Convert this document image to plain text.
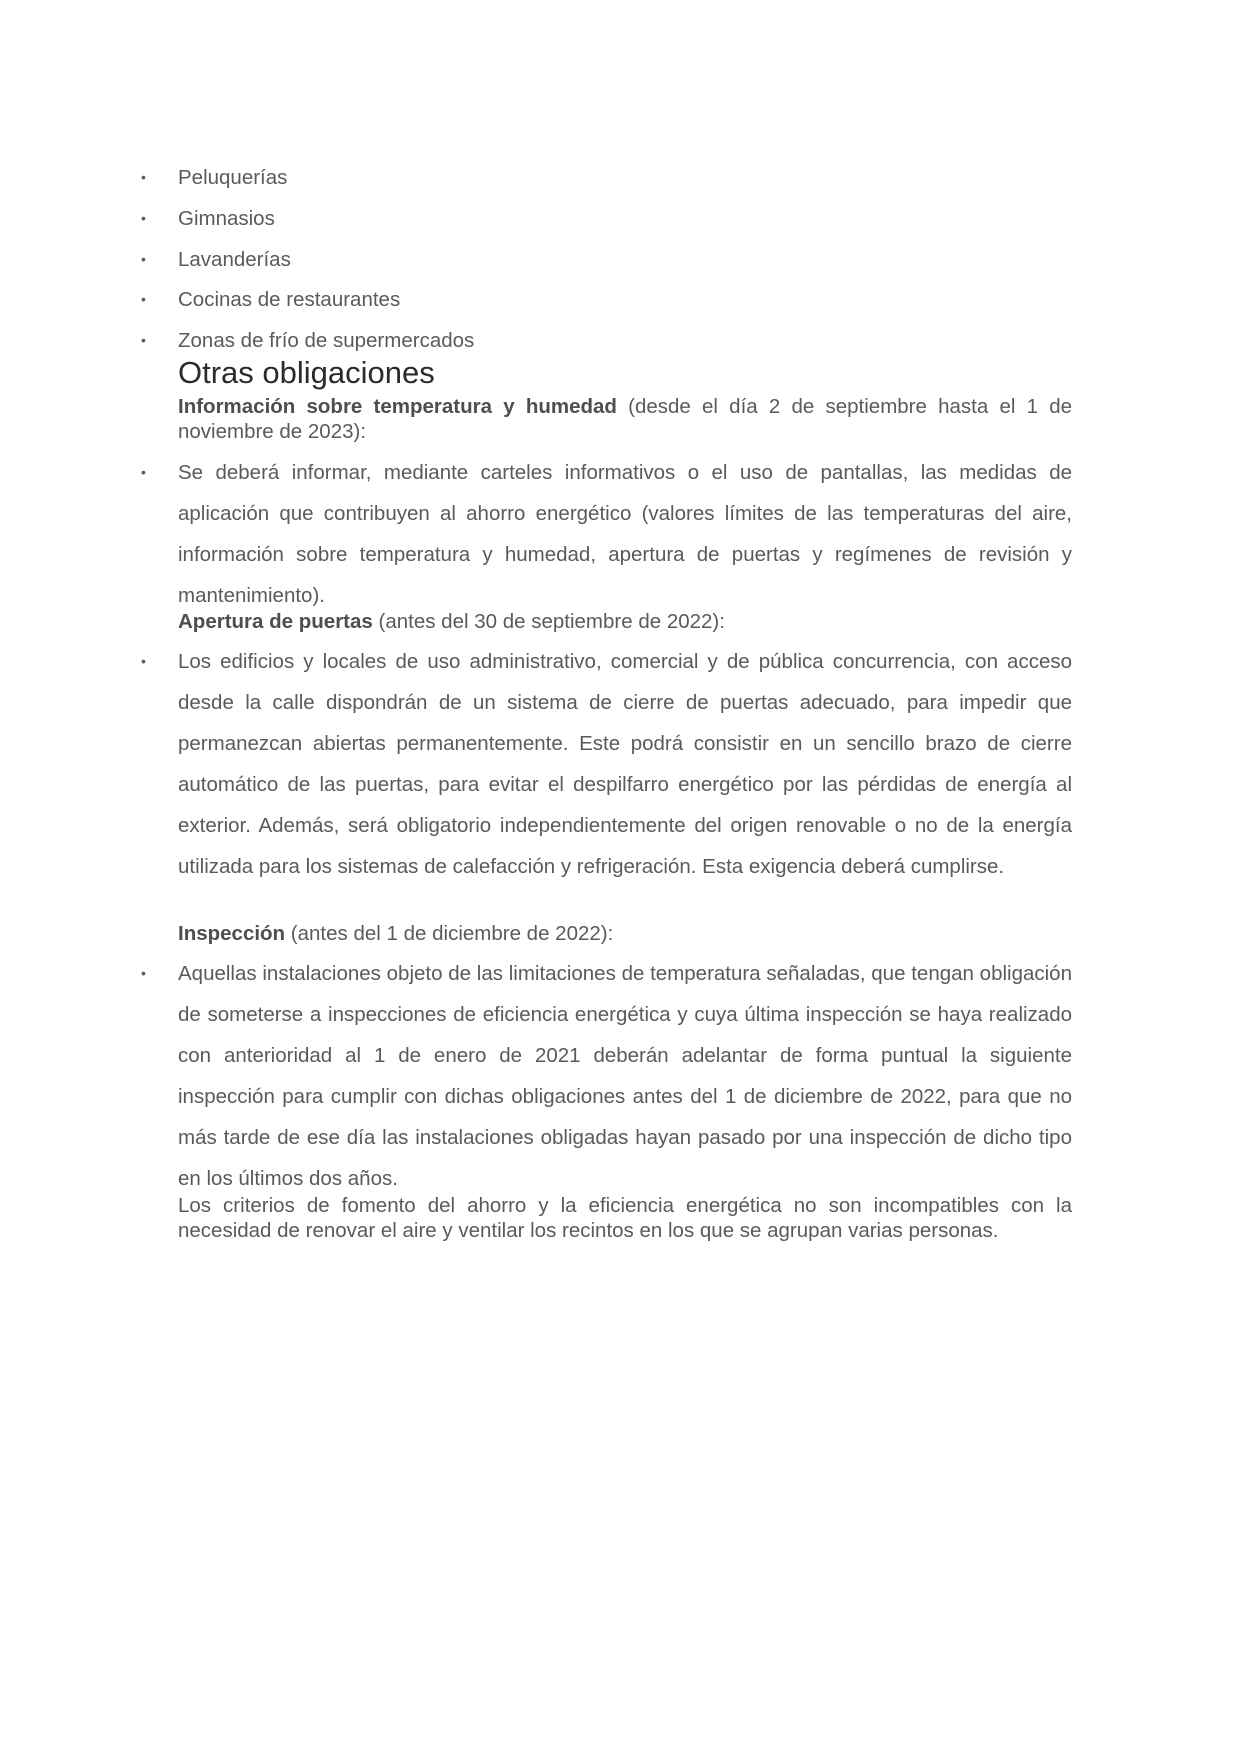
• Peluquerías
• Gimnasios
• Lavanderías
• Cocinas de restaurantes
• Zonas de frío de supermercados
Otras obligaciones
Información sobre temperatura y humedad (desde el día 2 de septiembre hasta el 1 de noviembre de 2023):
• Se deberá informar, mediante carteles informativos o el uso de pantallas, las medidas de aplicación que contribuyen al ahorro energético (valores límites de las temperaturas del aire, información sobre temperatura y humedad, apertura de puertas y regímenes de revisión y mantenimiento).
Apertura de puertas (antes del 30 de septiembre de 2022):
• Los edificios y locales de uso administrativo, comercial y de pública concurrencia, con acceso desde la calle dispondrán de un sistema de cierre de puertas adecuado, para impedir que permanezcan abiertas permanentemente. Este podrá consistir en un sencillo brazo de cierre automático de las puertas, para evitar el despilfarro energético por las pérdidas de energía al exterior. Además, será obligatorio independientemente del origen renovable o no de la energía utilizada para los sistemas de calefacción y refrigeración. Esta exigencia deberá cumplirse.
Inspección (antes del 1 de diciembre de 2022):
• Aquellas instalaciones objeto de las limitaciones de temperatura señaladas, que tengan obligación de someterse a inspecciones de eficiencia energética y cuya última inspección se haya realizado con anterioridad al 1 de enero de 2021 deberán adelantar de forma puntual la siguiente inspección para cumplir con dichas obligaciones antes del 1 de diciembre de 2022, para que no más tarde de ese día las instalaciones obligadas hayan pasado por una inspección de dicho tipo en los últimos dos años.
Los criterios de fomento del ahorro y la eficiencia energética no son incompatibles con la necesidad de renovar el aire y ventilar los recintos en los que se agrupan varias personas.
